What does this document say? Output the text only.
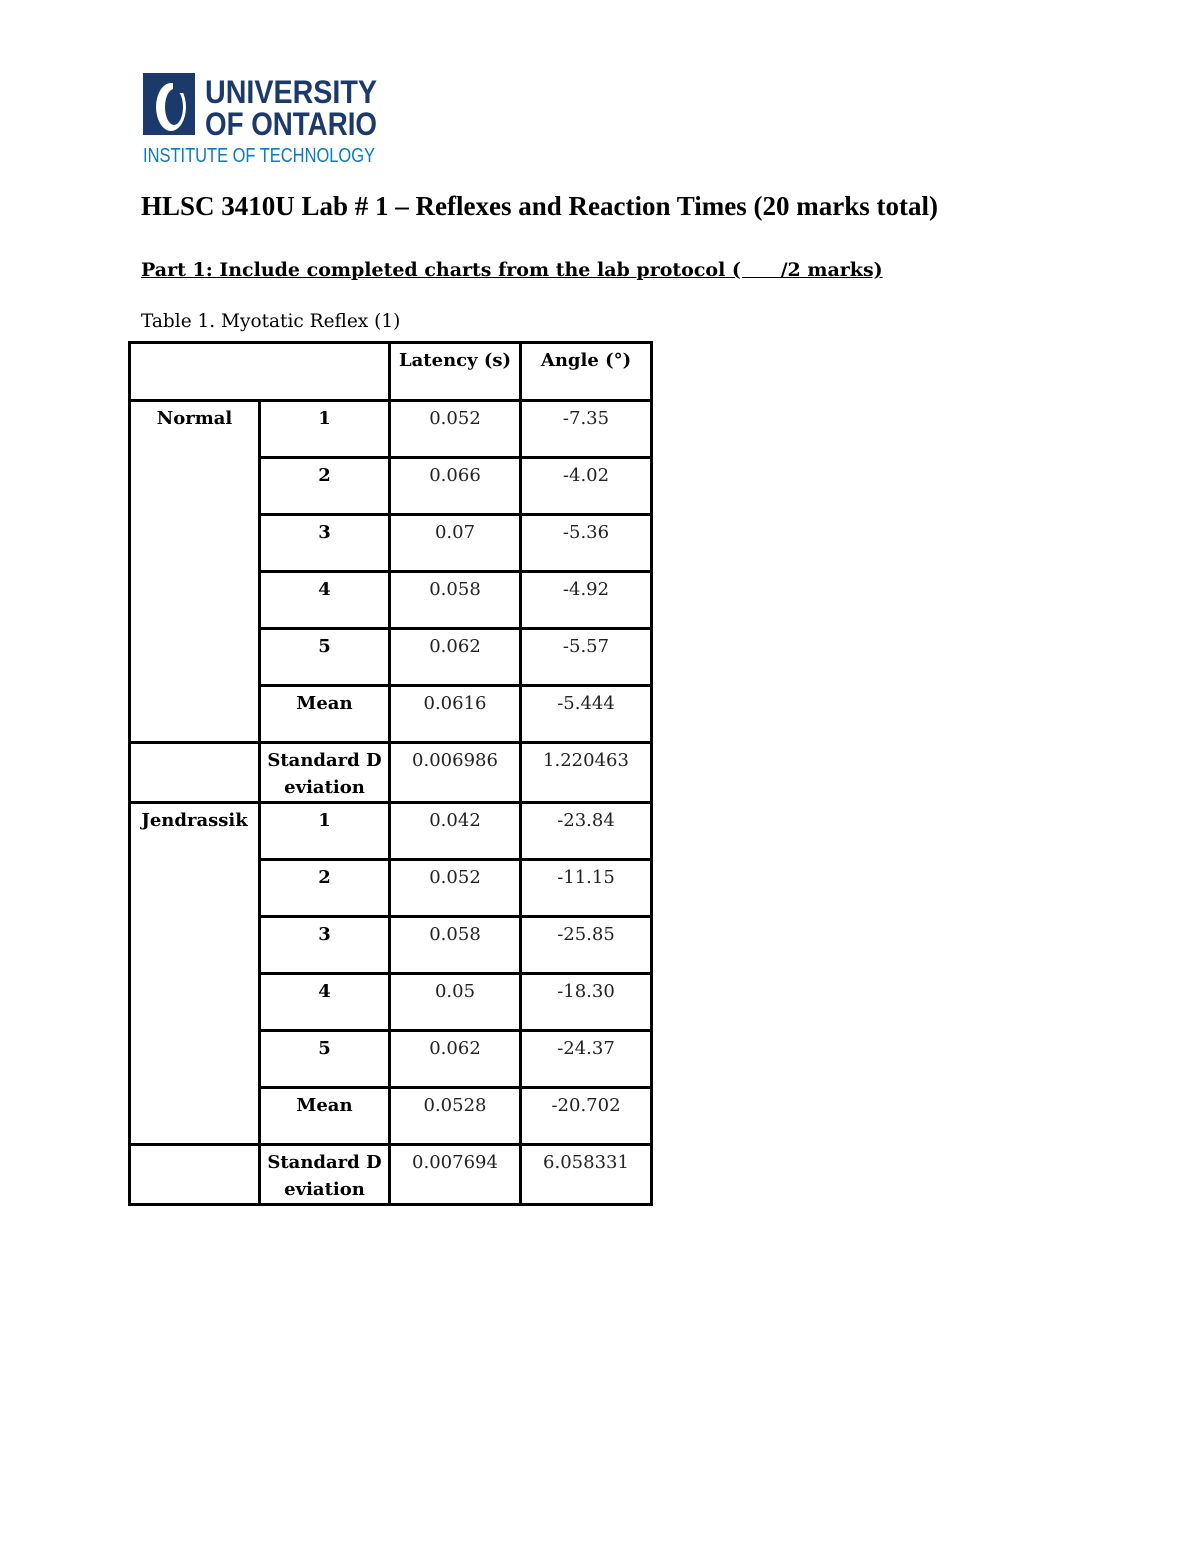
UNIVERSITY
OF ONTARIO
INSTITUTE OF TECHNOLOGY
HLSC 3410U Lab # 1 – Reflexes and Reaction Times (20 marks total)
Part 1: Include completed charts from the lab protocol (      /2 marks)
Table 1. Myotatic Reflex (1)
		Latency (s)	Angle (°)
Normal	1	0.052	-7.35
	2	0.066	-4.02
	3	0.07	-5.36
	4	0.058	-4.92
	5	0.062	-5.57
	Mean	0.0616	-5.444
	Standard Deviation	0.006986	1.220463
Jendrassik	1	0.042	-23.84
	2	0.052	-11.15
	3	0.058	-25.85
	4	0.05	-18.30
	5	0.062	-24.37
	Mean	0.0528	-20.702
	Standard Deviation	0.007694	6.058331
